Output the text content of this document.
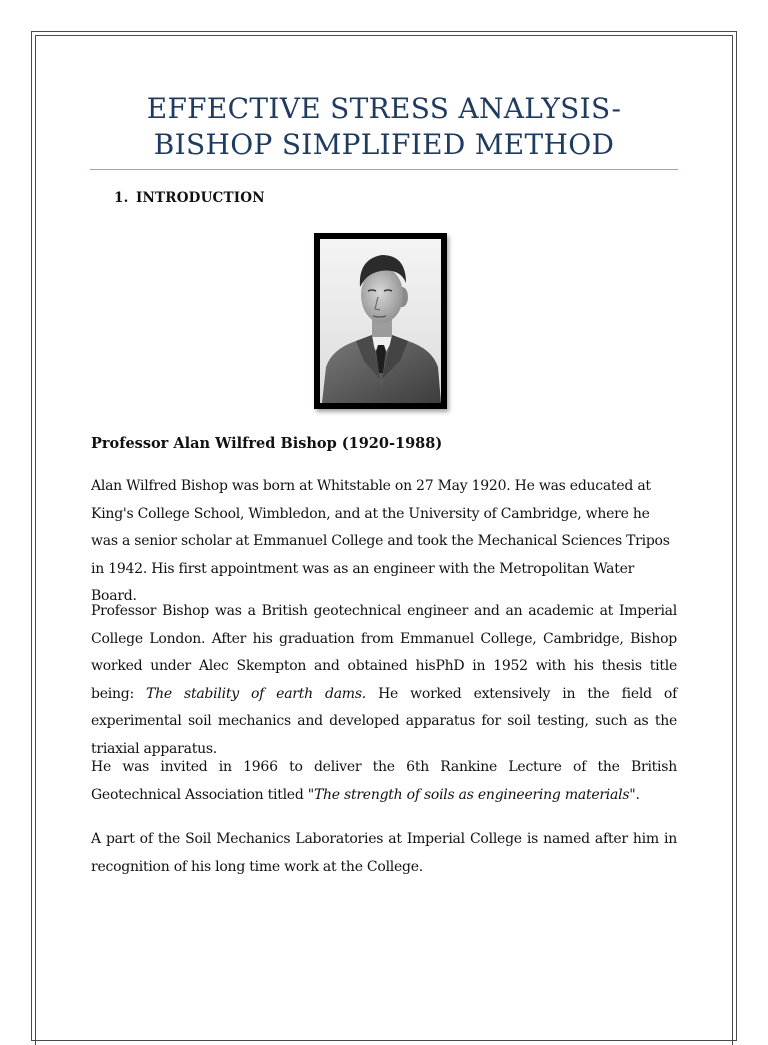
EFFECTIVE STRESS ANALYSIS- BISHOP SIMPLIFIED METHOD
1. INTRODUCTION

Professor Alan Wilfred Bishop (1920-1988)

Alan Wilfred Bishop was born at Whitstable on 27 May 1920. He was educated at King's College School, Wimbledon, and at the University of Cambridge, where he was a senior scholar at Emmanuel College and took the Mechanical Sciences Tripos in 1942. His first appointment was as an engineer with the Metropolitan Water Board.

Professor Bishop was a British geotechnical engineer and an academic at Imperial College London. After his graduation from Emmanuel College, Cambridge, Bishop worked under Alec Skempton and obtained hisPhD in 1952 with his thesis title being: The stability of earth dams. He worked extensively in the field of experimental soil mechanics and developed apparatus for soil testing, such as the triaxial apparatus.

He was invited in 1966 to deliver the 6th Rankine Lecture of the British Geotechnical Association titled "The strength of soils as engineering materials".

A part of the Soil Mechanics Laboratories at Imperial College is named after him in recognition of his long time work at the College.
